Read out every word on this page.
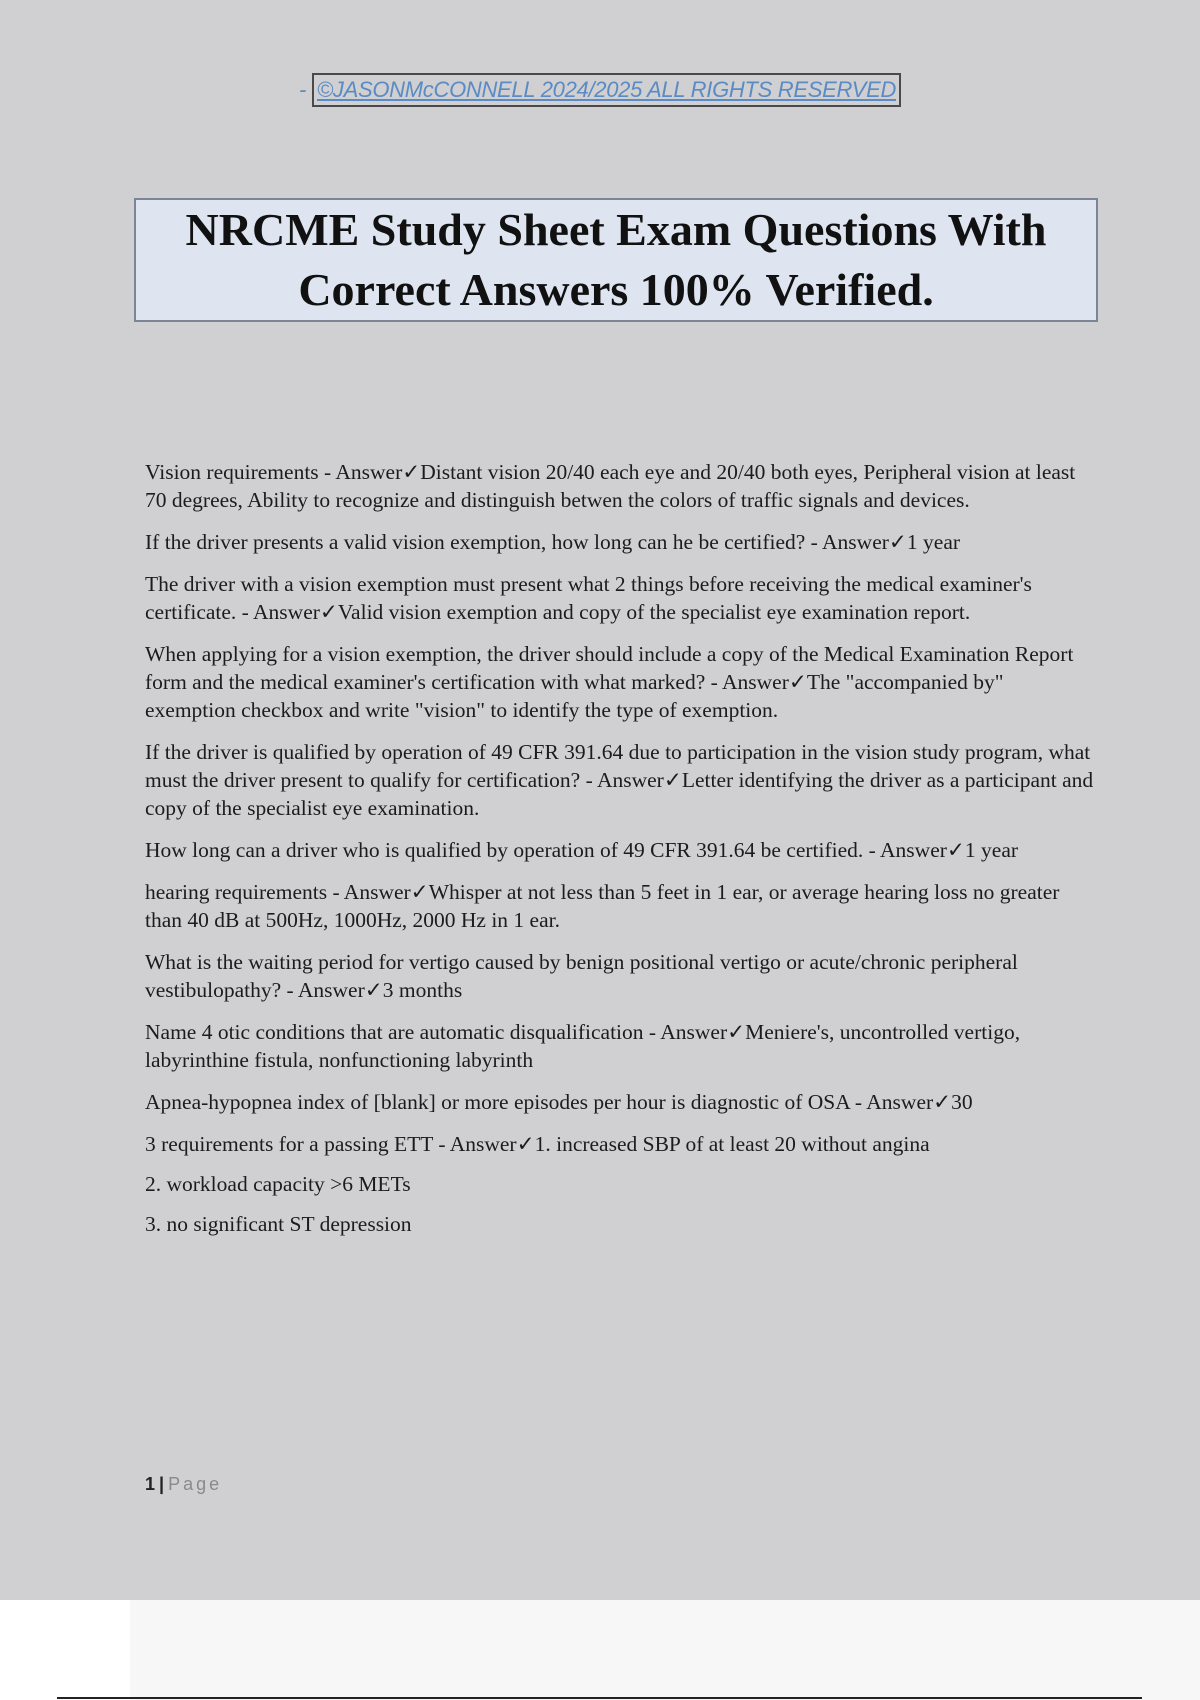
- ©JASONMcCONNELL 2024/2025 ALL RIGHTS RESERVED
NRCME Study Sheet Exam Questions With
Correct Answers 100% Verified.

Vision requirements - Answer✓Distant vision 20/40 each eye and 20/40 both eyes, Peripheral vision at least 70 degrees, Ability to recognize and distinguish betwen the colors of traffic signals and devices.

If the driver presents a valid vision exemption, how long can he be certified? - Answer✓1 year

The driver with a vision exemption must present what 2 things before receiving the medical examiner's certificate. - Answer✓Valid vision exemption and copy of the specialist eye examination report.

When applying for a vision exemption, the driver should include a copy of the Medical Examination Report form and the medical examiner's certification with what marked? - Answer✓The "accompanied by" exemption checkbox and write "vision" to identify the type of exemption.

If the driver is qualified by operation of 49 CFR 391.64 due to participation in the vision study program, what must the driver present to qualify for certification? - Answer✓Letter identifying the driver as a participant and copy of the specialist eye examination.

How long can a driver who is qualified by operation of 49 CFR 391.64 be certified. - Answer✓1 year

hearing requirements - Answer✓Whisper at not less than 5 feet in 1 ear, or average hearing loss no greater than 40 dB at 500Hz, 1000Hz, 2000 Hz in 1 ear.

What is the waiting period for vertigo caused by benign positional vertigo or acute/chronic peripheral vestibulopathy? - Answer✓3 months

Name 4 otic conditions that are automatic disqualification - Answer✓Meniere's, uncontrolled vertigo, labyrinthine fistula, nonfunctioning labyrinth

Apnea-hypopnea index of [blank] or more episodes per hour is diagnostic of OSA - Answer✓30

3 requirements for a passing ETT - Answer✓1. increased SBP of at least 20 without angina

2. workload capacity >6 METs

3. no significant ST depression

1 | Page
